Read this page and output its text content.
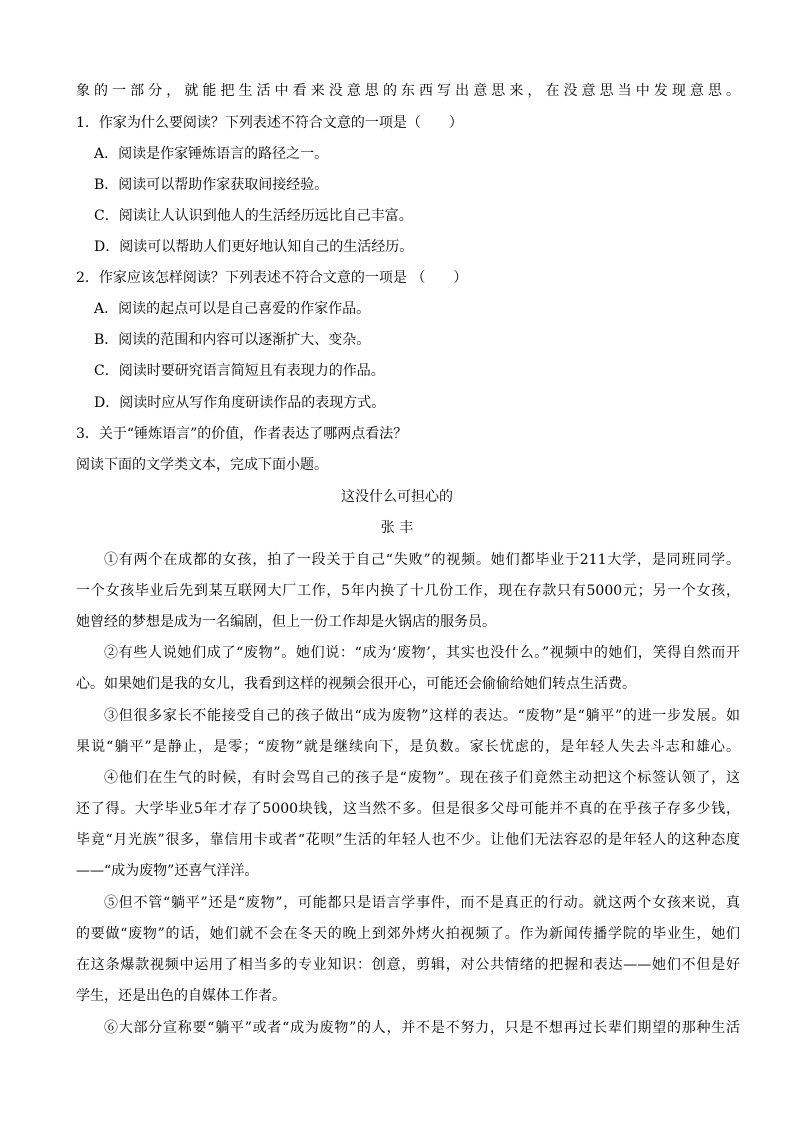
象的一部分，就能把生活中看来没意思的东西写出意思来，在没意思当中发现意思。
1．作家为什么要阅读？下列表述不符合文意的一项是（　　）
A．阅读是作家锤炼语言的路径之一。
B．阅读可以帮助作家获取间接经验。
C．阅读让人认识到他人的生活经历远比自己丰富。
D．阅读可以帮助人们更好地认知自己的生活经历。
2．作家应该怎样阅读？下列表述不符合文意的一项是 （　　）
A．阅读的起点可以是自己喜爱的作家作品。
B．阅读的范围和内容可以逐渐扩大、变杂。
C．阅读时要研究语言简短且有表现力的作品。
D．阅读时应从写作角度研读作品的表现方式。
3．关于“锤炼语言”的价值，作者表达了哪两点看法？
阅读下面的文学类文本，完成下面小题。
这没什么可担心的
张 丰
①有两个在成都的女孩，拍了一段关于自己“失败”的视频。她们都毕业于211大学，是同班同学。
一个女孩毕业后先到某互联网大厂工作，5年内换了十几份工作，现在存款只有5000元；另一个女孩，
她曾经的梦想是成为一名编剧，但上一份工作却是火锅店的服务员。
②有些人说她们成了“废物”。她们说：“成为‘废物’，其实也没什么。”视频中的她们，笑得自然而开
心。如果她们是我的女儿，我看到这样的视频会很开心，可能还会偷偷给她们转点生活费。
③但很多家长不能接受自己的孩子做出“成为废物”这样的表达。“废物”是“躺平”的进一步发展。如
果说“躺平”是静止，是零；“废物”就是继续向下，是负数。家长忧虑的，是年轻人失去斗志和雄心。
④他们在生气的时候，有时会骂自己的孩子是“废物”。现在孩子们竟然主动把这个标签认领了，这
还了得。大学毕业5年才存了5000块钱，这当然不多。但是很多父母可能并不真的在乎孩子存多少钱，
毕竟“月光族”很多，靠信用卡或者“花呗”生活的年轻人也不少。让他们无法容忍的是年轻人的这种态度
——“成为废物”还喜气洋洋。
⑤但不管“躺平”还是“废物”，可能都只是语言学事件，而不是真正的行动。就这两个女孩来说，真
的要做“废物”的话，她们就不会在冬天的晚上到郊外烤火拍视频了。作为新闻传播学院的毕业生，她们
在这条爆款视频中运用了相当多的专业知识：创意，剪辑，对公共情绪的把握和表达——她们不但是好
学生，还是出色的自媒体工作者。
⑥大部分宣称要“躺平”或者“成为废物”的人，并不是不努力，只是不想再过长辈们期望的那种生活
